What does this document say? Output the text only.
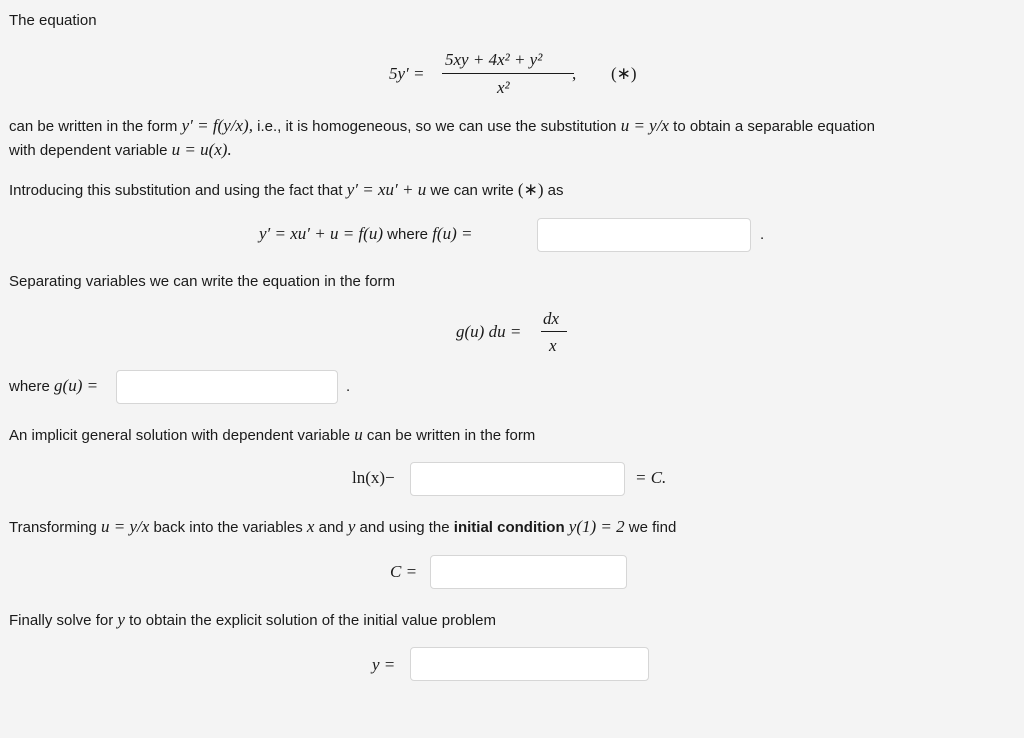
The equation
5y′ =
5xy + 4x² + y²
x²
, (∗)
can be written in the form y′ = f(y/x), i.e., it is homogeneous, so we can use the substitution u = y/x to obtain a separable equation
with dependent variable u = u(x).
Introducing this substitution and using the fact that y′ = xu′ + u we can write (∗) as
y′ = xu′ + u = f(u) where f(u) =	.
Separating variables we can write the equation in the form
g(u) du =
dx
x
where g(u) =	.
An implicit general solution with dependent variable u can be written in the form
ln(x)−	= C.
Transforming u = y/x back into the variables x and y and using the initial condition y(1) = 2 we find
C =
Finally solve for y to obtain the explicit solution of the initial value problem
y =
